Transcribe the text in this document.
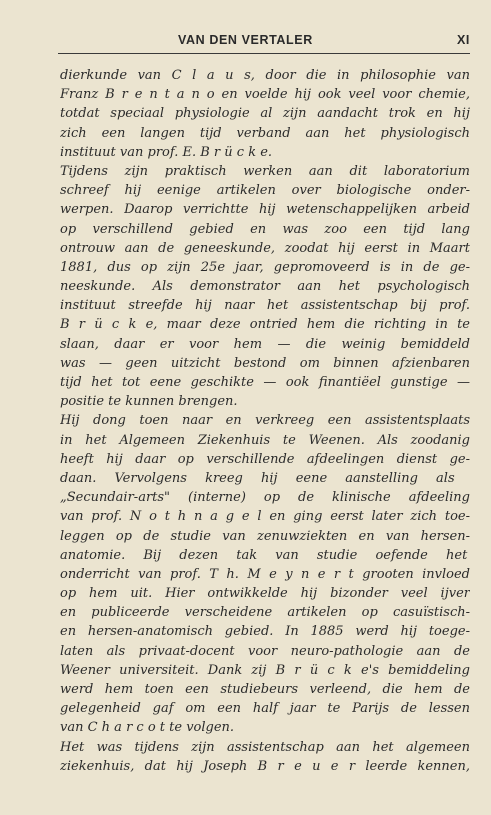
VAN DEN VERTALER	XI
dierkunde van C l a u s, door die in philosophie van
Franz B r e n t a n o en voelde hij ook veel voor chemie,
totdat speciaal physiologie al zijn aandacht trok en hij
zich een langen tijd verband aan het physiologisch
instituut van prof. E. B r ü c k e.
Tijdens zijn praktisch werken aan dit laboratorium
schreef hij eenige artikelen over biologische onder-
werpen. Daarop verrichtte hij wetenschappelijken arbeid
op verschillend gebied en was zoo een tijd lang
ontrouw aan de geneeskunde, zoodat hij eerst in Maart
1881, dus op zijn 25e jaar, gepromoveerd is in de ge-
neeskunde. Als demonstrator aan het psychologisch
instituut streefde hij naar het assistentschap bij prof.
B r ü c k e, maar deze ontried hem die richting in te
slaan, daar er voor hem — die weinig bemiddeld
was — geen uitzicht bestond om binnen afzienbaren
tijd het tot eene geschikte — ook finantiëel gunstige —
positie te kunnen brengen.
Hij dong toen naar en verkreeg een assistentsplaats
in het Algemeen Ziekenhuis te Weenen. Als zoodanig
heeft hij daar op verschillende afdeelingen dienst ge-
daan. Vervolgens kreeg hij eene aanstelling als
„Secundair-arts" (interne) op de klinische afdeeling
van prof. N o t h n a g e l en ging eerst later zich toe-
leggen op de studie van zenuwziekten en van hersen-
anatomie. Bij dezen tak van studie oefende het
onderricht van prof. T h. M e y n e r t grooten invloed
op hem uit. Hier ontwikkelde hij bizonder veel ijver
en publiceerde verscheidene artikelen op casuïstisch-
en hersen-anatomisch gebied. In 1885 werd hij toege-
laten als privaat-docent voor neuro-pathologie aan de
Weener universiteit. Dank zij B r ü c k e's bemiddeling
werd hem toen een studiebeurs verleend, die hem de
gelegenheid gaf om een half jaar te Parijs de lessen
van C h a r c o t te volgen.
Het was tijdens zijn assistentschap aan het algemeen
ziekenhuis, dat hij Joseph B r e u e r leerde kennen,
